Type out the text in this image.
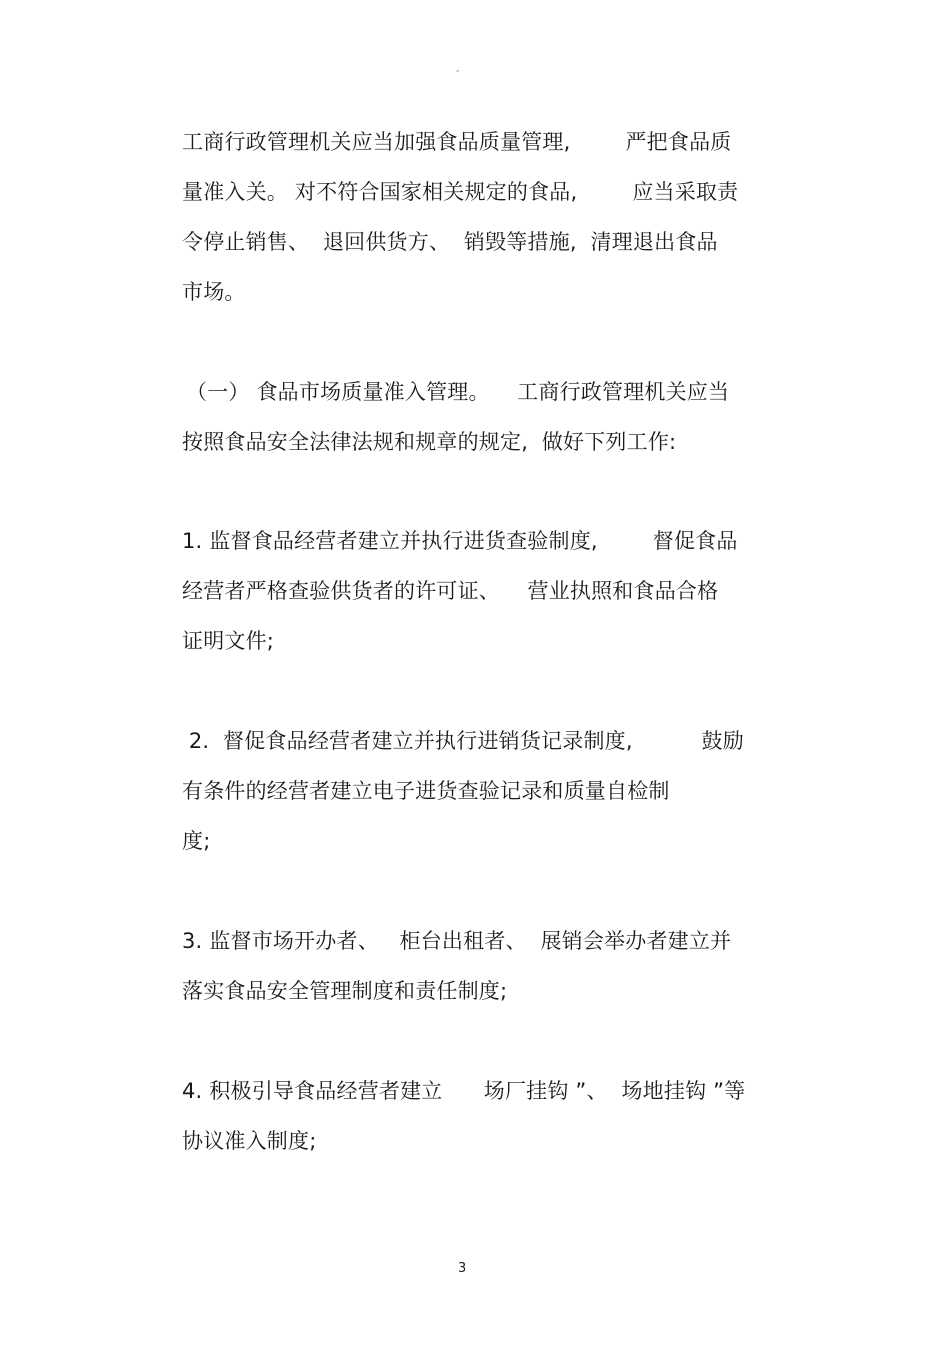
"
工商行政管理机关应当加强食品质量管理,        严把食品质
量准入关。 对不符合国家相关规定的食品,        应当采取责
令停止销售、  退回供货方、  销毁等措施,  清理退出食品
市场。
（一） 食品市场质量准入管理。    工商行政管理机关应当
按照食品安全法律法规和规章的规定,  做好下列工作:
1. 监督食品经营者建立并执行进货查验制度,        督促食品
经营者严格查验供货者的许可证、    营业执照和食品合格
证明文件;
2.  督促食品经营者建立并执行进销货记录制度,          鼓励
有条件的经营者建立电子进货查验记录和质量自检制
度;
3. 监督市场开办者、   柜台出租者、  展销会举办者建立并
落实食品安全管理制度和责任制度;
4. 积极引导食品经营者建立      场厂挂钩 ”、  场地挂钩 ”等
协议准入制度;
3
